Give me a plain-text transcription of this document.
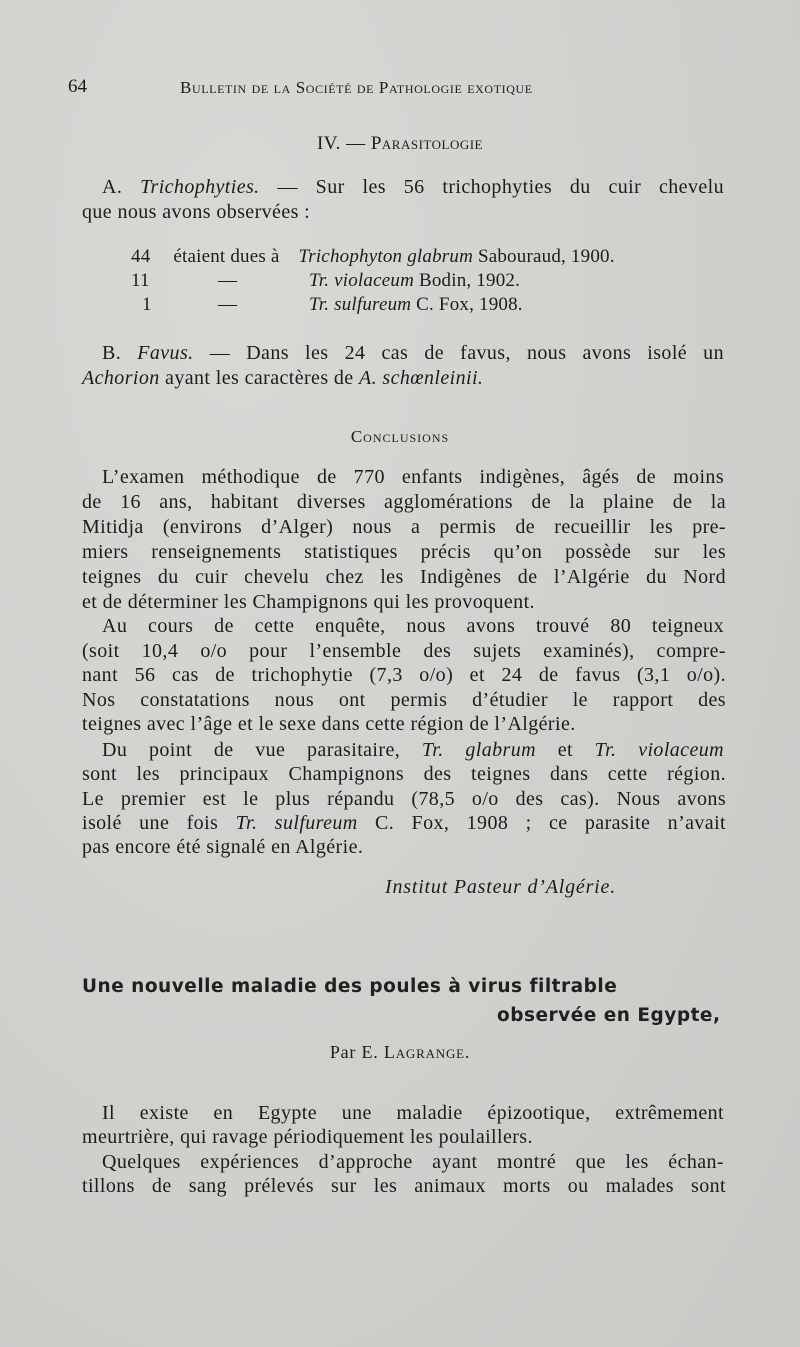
64	Bulletin de la Société de Pathologie exotique
IV. — Parasitologie
A. Trichophyties. — Sur les 56 trichophyties du cuir chevelu
que nous avons observées :
44 étaient dues à Trichophyton glabrum Sabouraud, 1900.
11	—	Tr. violaceum Bodin, 1902.
1	—	Tr. sulfureum C. Fox, 1908.
B. Favus. — Dans les 24 cas de favus, nous avons isolé un
Achorion ayant les caractères de A. schœnleinii.
Conclusions
L’examen méthodique de 770 enfants indigènes, âgés de moins
de 16 ans, habitant diverses agglomérations de la plaine de la
Mitidja (environs d’Alger) nous a permis de recueillir les pre-
miers renseignements statistiques précis qu’on possède sur les
teignes du cuir chevelu chez les Indigènes de l’Algérie du Nord
et de déterminer les Champignons qui les provoquent.
Au cours de cette enquête, nous avons trouvé 80 teigneux
(soit 10,4 o/o pour l’ensemble des sujets examinés), compre-
nant 56 cas de trichophytie (7,3 o/o) et 24 de favus (3,1 o/o).
Nos constatations nous ont permis d’étudier le rapport des
teignes avec l’âge et le sexe dans cette région de l’Algérie.
Du point de vue parasitaire, Tr. glabrum et Tr. violaceum
sont les principaux Champignons des teignes dans cette région.
Le premier est le plus répandu (78,5 o/o des cas). Nous avons
isolé une fois Tr. sulfureum C. Fox, 1908 ; ce parasite n’avait
pas encore été signalé en Algérie.
Institut Pasteur d’Algérie.
Une nouvelle maladie des poules à virus filtrable
observée en Egypte,
Par E. Lagrange.
Il existe en Egypte une maladie épizootique, extrêmement
meurtrière, qui ravage périodiquement les poulaillers.
Quelques expériences d’approche ayant montré que les échan-
tillons de sang prélevés sur les animaux morts ou malades sont
